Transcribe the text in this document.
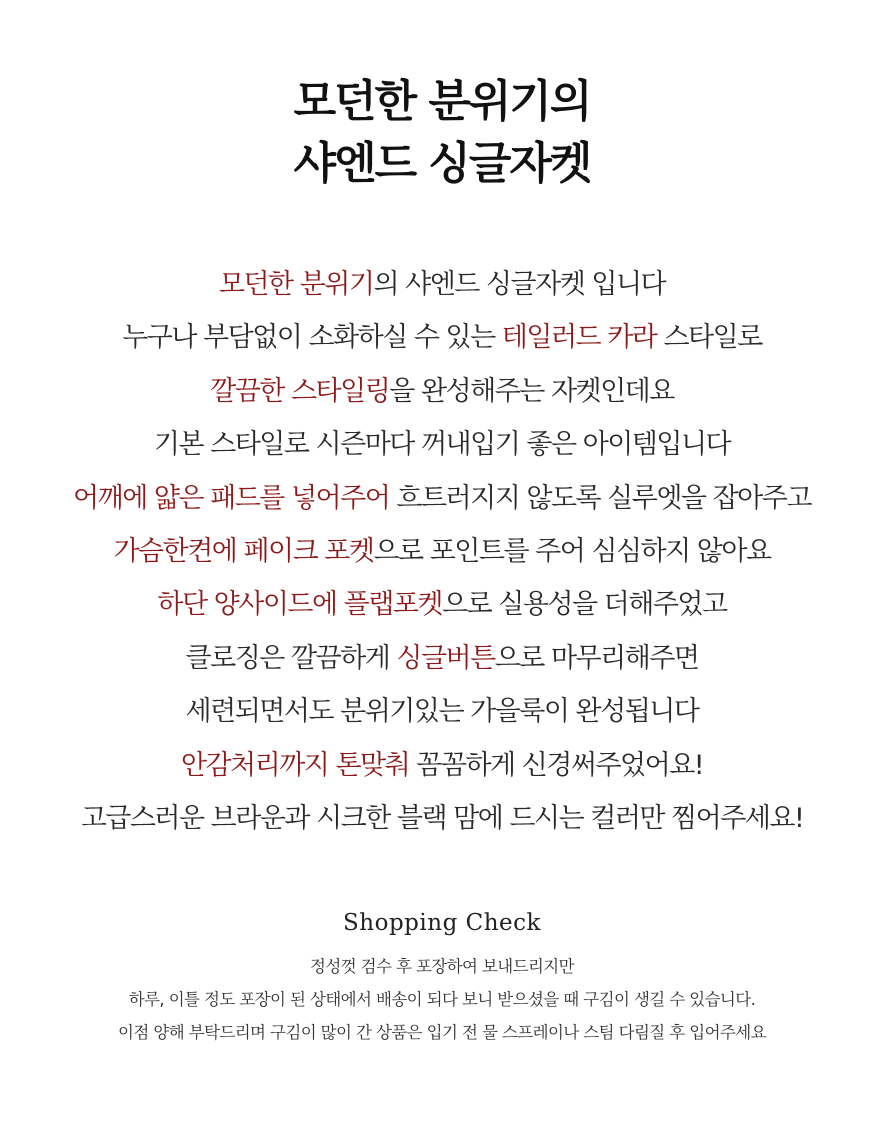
모던한 분위기의
샤엔드 싱글자켓
모던한 분위기의 샤엔드 싱글자켓 입니다
누구나 부담없이 소화하실 수 있는 테일러드 카라 스타일로
깔끔한 스타일링을 완성해주는 자켓인데요
기본 스타일로 시즌마다 꺼내입기 좋은 아이템입니다
어깨에 얇은 패드를 넣어주어 흐트러지지 않도록 실루엣을 잡아주고
가슴한켠에 페이크 포켓으로 포인트를 주어 심심하지 않아요
하단 양사이드에 플랩포켓으로 실용성을 더해주었고
클로징은 깔끔하게 싱글버튼으로 마무리해주면
세련되면서도 분위기있는 가을룩이 완성됩니다
안감처리까지 톤맞춰 꼼꼼하게 신경써주었어요!
고급스러운 브라운과 시크한 블랙 맘에 드시는 컬러만 찜어주세요!
Shopping Check
정성껏 검수 후 포장하여 보내드리지만
하루, 이틀 정도 포장이 된 상태에서 배송이 되다 보니 받으셨을 때 구김이 생길 수 있습니다.
이점 양해 부탁드리며 구김이 많이 간 상품은 입기 전 물 스프레이나 스팀 다림질 후 입어주세요
